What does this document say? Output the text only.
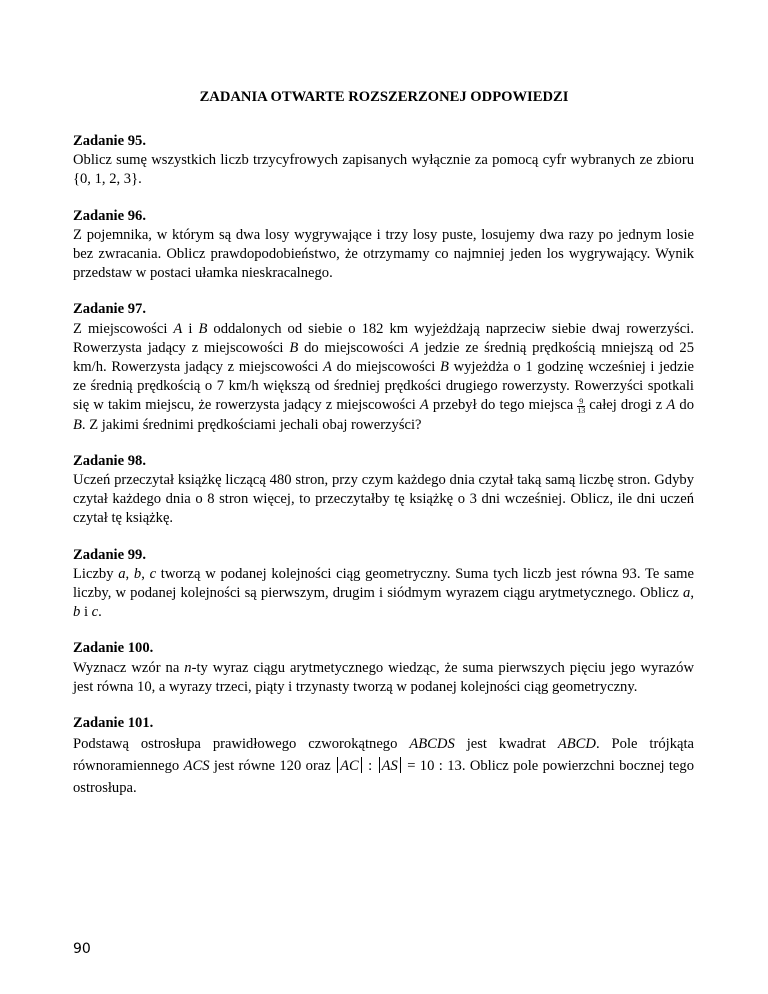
ZADANIA OTWARTE ROZSZERZONEJ ODPOWIEDZI
Zadanie 95.
Oblicz sumę wszystkich liczb trzycyfrowych zapisanych wyłącznie za pomocą cyfr wybranych ze zbioru {0, 1, 2, 3}.
Zadanie 96.
Z pojemnika, w którym są dwa losy wygrywające i trzy losy puste, losujemy dwa razy po jednym losie bez zwracania. Oblicz prawdopodobieństwo, że otrzymamy co najmniej jeden los wygrywający. Wynik przedstaw w postaci ułamka nieskracalnego.
Zadanie 97.
Z miejscowości A i B oddalonych od siebie o 182 km wyjeżdżają naprzeciw siebie dwaj rowerzyści. Rowerzysta jadący z miejscowości B do miejscowości A jedzie ze średnią prędkością mniejszą od 25 km/h. Rowerzysta jadący z miejscowości A do miejscowości B wyjeżdża o 1 godzinę wcześniej i jedzie ze średnią prędkością o 7 km/h większą od średniej prędkości drugiego rowerzysty. Rowerzyści spotkali się w takim miejscu, że rowerzysta jadący z miejscowości A przebył do tego miejsca $\frac{9}{13}$ całej drogi z A do B. Z jakimi średnimi prędkościami jechali obaj rowerzyści?
Zadanie 98.
Uczeń przeczytał książkę liczącą 480 stron, przy czym każdego dnia czytał taką samą liczbę stron. Gdyby czytał każdego dnia o 8 stron więcej, to przeczytałby tę książkę o 3 dni wcześniej. Oblicz, ile dni uczeń czytał tę książkę.
Zadanie 99.
Liczby a, b, c tworzą w podanej kolejności ciąg geometryczny. Suma tych liczb jest równa 93. Te same liczby, w podanej kolejności są pierwszym, drugim i siódmym wyrazem ciągu arytmetycznego. Oblicz a, b i c.
Zadanie 100.
Wyznacz wzór na n-ty wyraz ciągu arytmetycznego wiedząc, że suma pierwszych pięciu jego wyrazów jest równa 10, a wyrazy trzeci, piąty i trzynasty tworzą w podanej kolejności ciąg geometryczny.
Zadanie 101.
Podstawą ostrosłupa prawidłowego czworokątnego ABCDS jest kwadrat ABCD. Pole trójkąta równoramiennego ACS jest równe 120 oraz AC : AS = 10 : 13. Oblicz pole powierzchni bocznej tego ostrosłupa.
90
